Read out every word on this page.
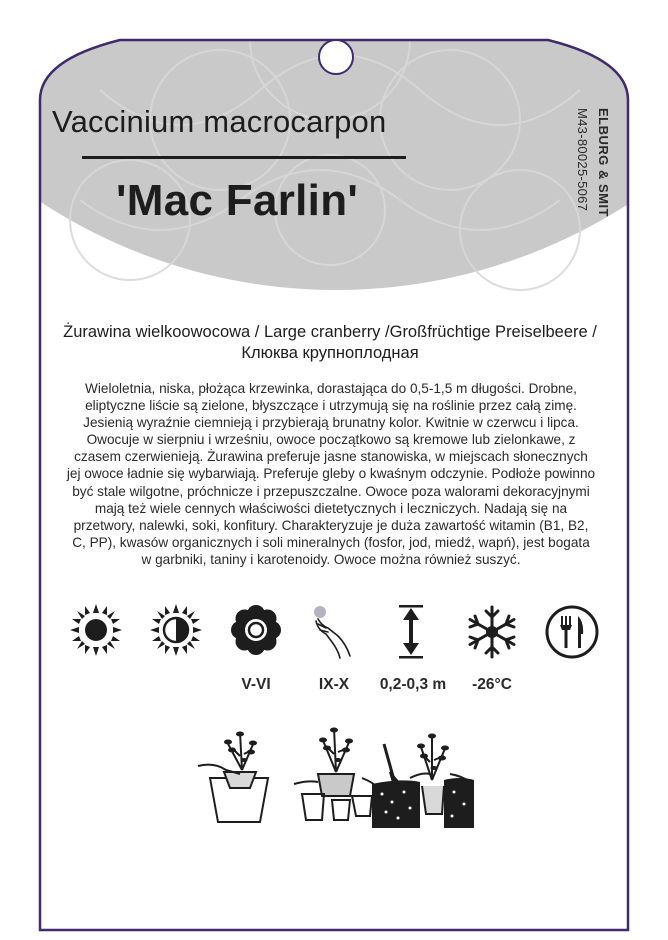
Vaccinium macrocarpon
'Mac Farlin'	ELBURG & SMIT
M43-80025-5067
Żurawina wielkoowocowa / Large cranberry /Großfrüchtige Preiselbeere / Клюква крупноплодная
Wieloletnia, niska, płożąca krzewinka, dorastająca do 0,5-1,5 m długości. Drobne, eliptyczne liście są zielone, błyszczące i utrzymują się na roślinie przez całą zimę. Jesienią wyraźnie ciemnieją i przybierają brunatny kolor. Kwitnie w czerwcu i lipca. Owocuje w sierpniu i wrześniu, owoce początkowo są kremowe lub zielonkawe, z czasem czerwienieją. Żurawina preferuje jasne stanowiska, w miejscach słonecznych jej owoce ładnie się wybarwiają. Preferuje gleby o kwaśnym odczynie. Podłoże powinno być stale wilgotne, próchnicze i przepuszczalne. Owoce poza walorami dekoracyjnymi mają też wiele cennych właściwości dietetycznych i leczniczych. Nadają się na przetwory, nalewki, soki, konfitury. Charakteryzuje je duża zawartość witamin (B1, B2, C, PP), kwasów organicznych i soli mineralnych (fosfor, jod, miedź, wapń), jest bogata w garbniki, taniny i karotenoidy. Owoce można również suszyć.
V-VI	IX-X	0,2-0,3 m	-26°C
